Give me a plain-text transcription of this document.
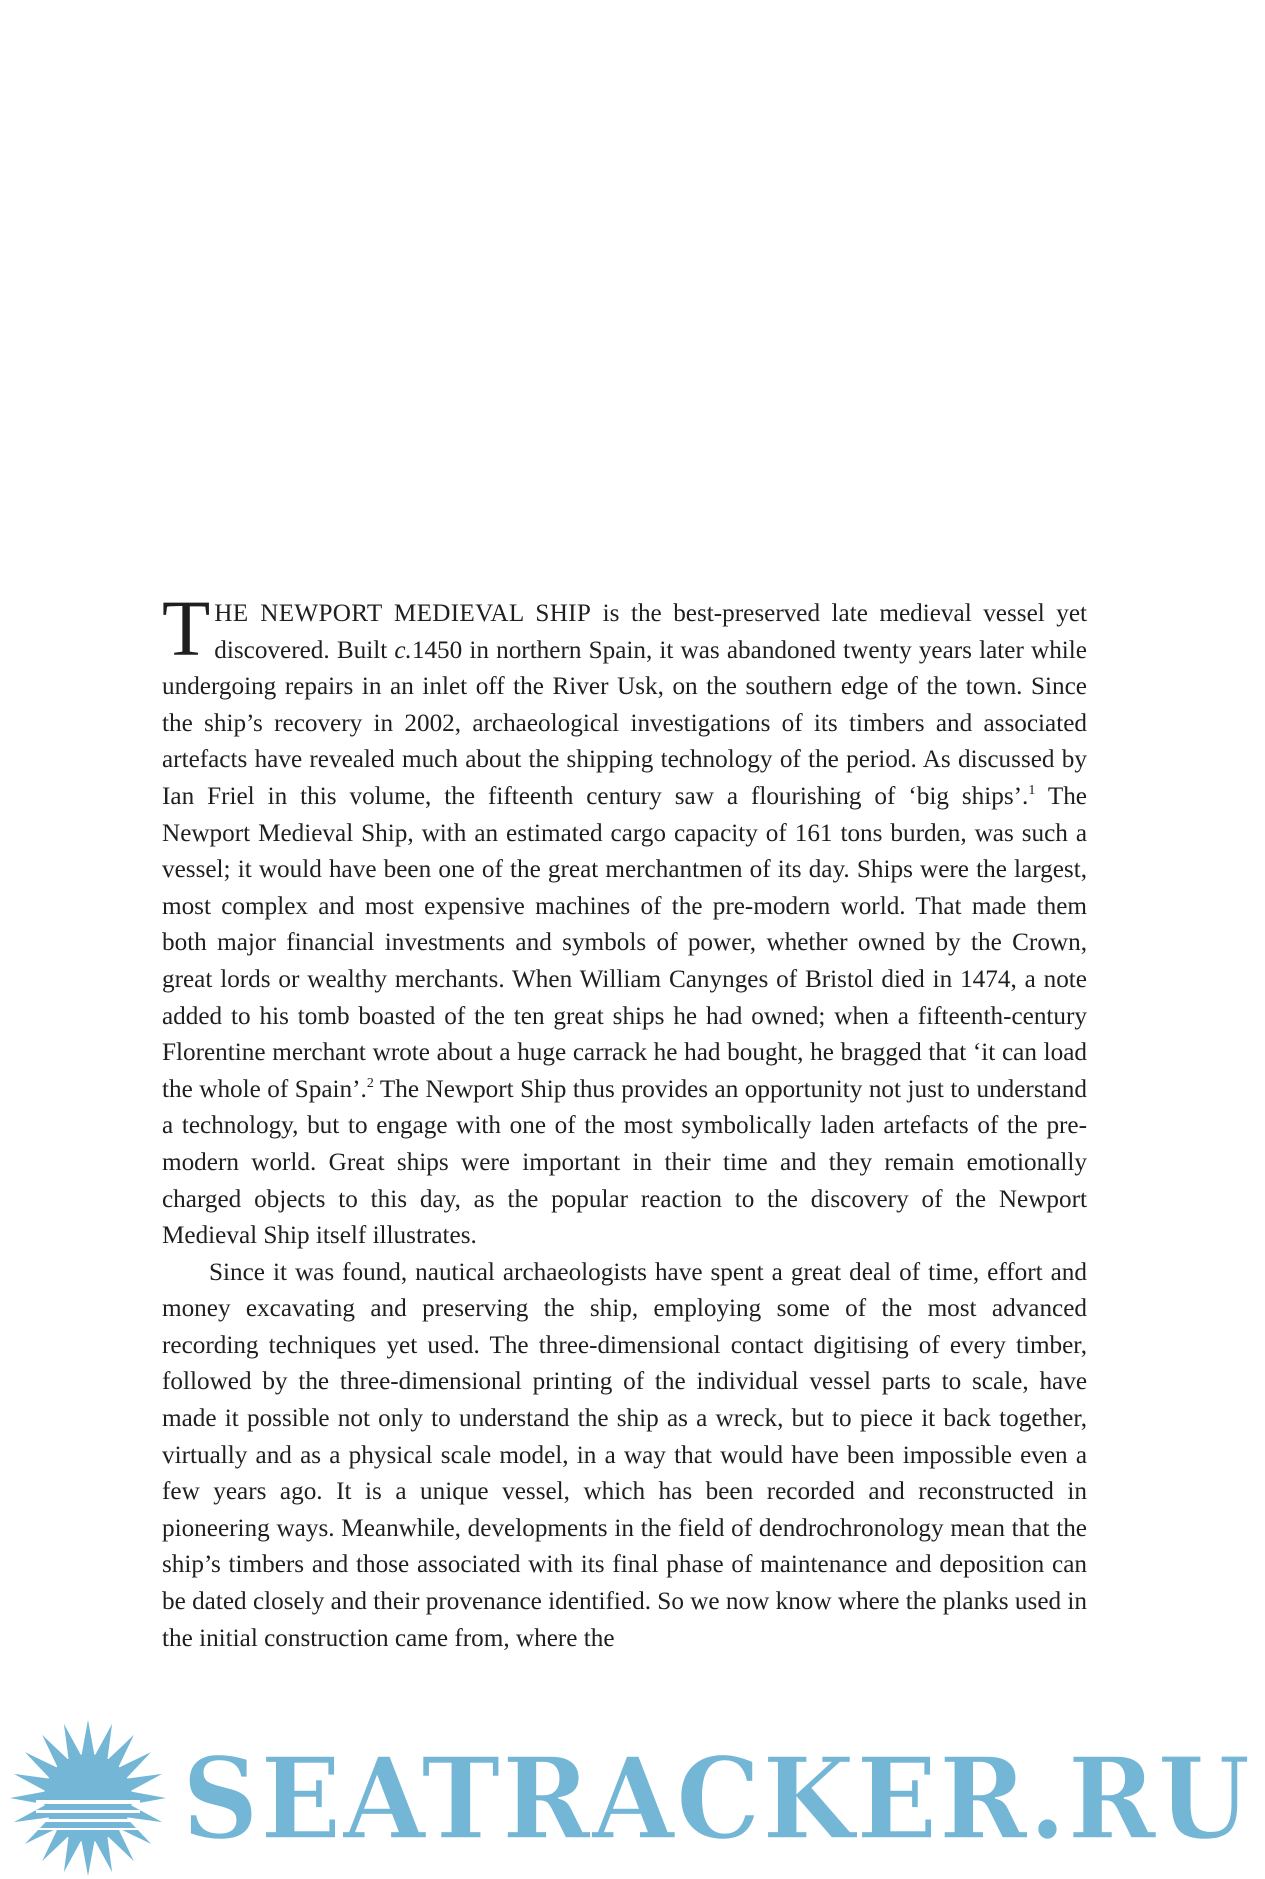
THE NEWPORT MEDIEVAL SHIP is the best-preserved late medieval vessel yet discovered. Built c.1450 in northern Spain, it was abandoned twenty years later while undergoing repairs in an inlet off the River Usk, on the southern edge of the town. Since the ship’s recovery in 2002, archaeological investigations of its timbers and associated artefacts have revealed much about the shipping technology of the period. As discussed by Ian Friel in this volume, the fifteenth century saw a flourishing of ‘big ships’.$^1$ The Newport Medieval Ship, with an estimated cargo capacity of 161 tons burden, was such a vessel; it would have been one of the great merchantmen of its day. Ships were the largest, most complex and most expensive machines of the pre-modern world. That made them both major financial investments and symbols of power, whether owned by the Crown, great lords or wealthy merchants. When William Canynges of Bristol died in 1474, a note added to his tomb boasted of the ten great ships he had owned; when a fifteenth-century Florentine merchant wrote about a huge carrack he had bought, he bragged that ‘it can load the whole of Spain’.$^2$ The Newport Ship thus provides an opportunity not just to understand a technology, but to engage with one of the most symbolically laden artefacts of the pre-modern world. Great ships were important in their time and they remain emotionally charged objects to this day, as the popular reaction to the discovery of the Newport Medieval Ship itself illustrates.

Since it was found, nautical archaeologists have spent a great deal of time, effort and money excavating and preserving the ship, employing some of the most advanced recording techniques yet used. The three-dimensional contact digitising of every timber, followed by the three-dimensional printing of the individual vessel parts to scale, have made it possible not only to understand the ship as a wreck, but to piece it back together, virtually and as a physical scale model, in a way that would have been impossible even a few years ago. It is a unique vessel, which has been recorded and reconstructed in pioneering ways. Meanwhile, developments in the field of dendrochronology mean that the ship’s timbers and those associated with its final phase of maintenance and deposition can be dated closely and their provenance identified. So we now know where the planks used in the initial construction came from, where the

SEATRACKER.RU
